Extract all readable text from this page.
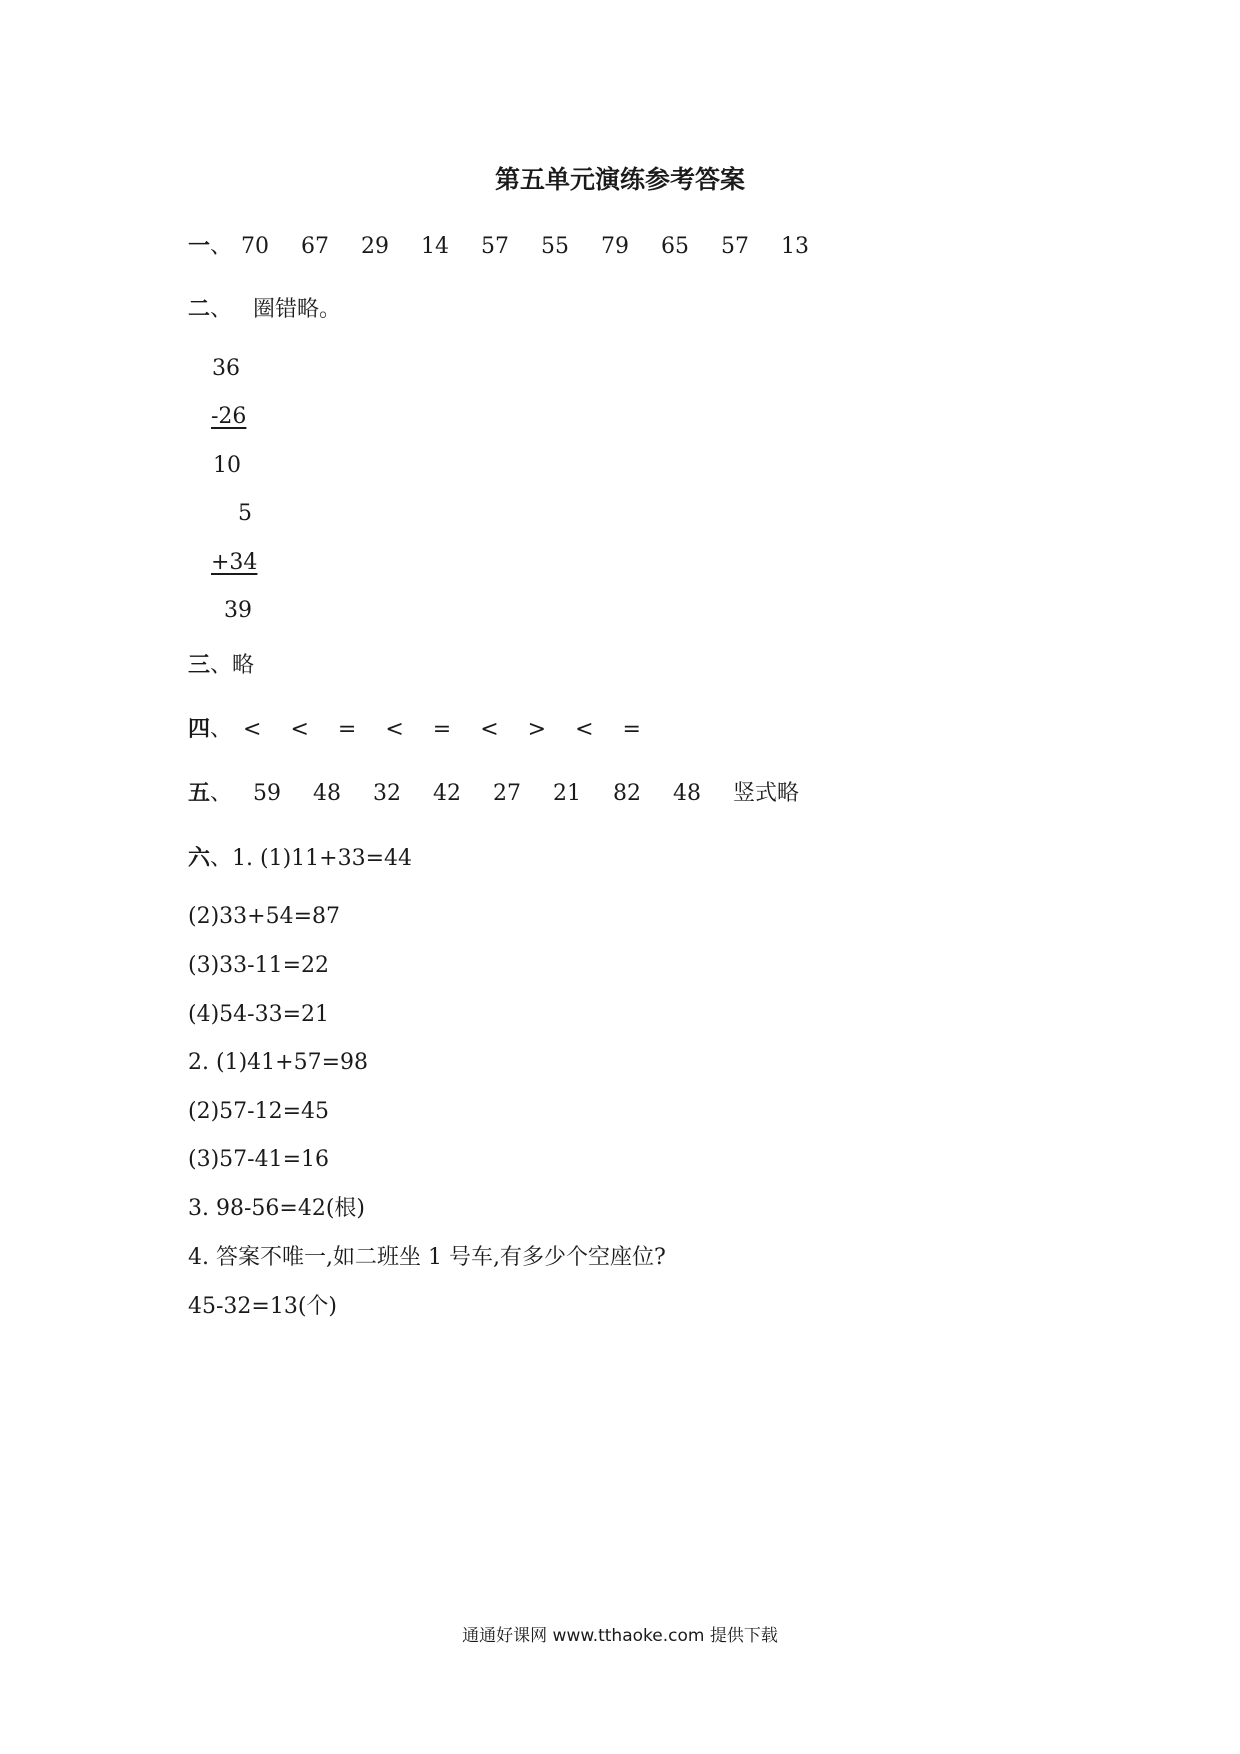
第五单元演练参考答案
一、 70 67 29 14 57 55 79 65 57 13
二、 圈错略。
36
-26
10
5
+34
39
三、略
四、 < < = < = < > < =
五、 59 48 32 42 27 21 82 48 竖式略
六、1. (1)11+33=44
(2)33+54=87
(3)33-11=22
(4)54-33=21
2. (1)41+57=98
(2)57-12=45
(3)57-41=16
3. 98-56=42(根)
4. 答案不唯一,如二班坐 1 号车,有多少个空座位?
45-32=13(个)
通通好课网 www.tthaoke.com 提供下载
